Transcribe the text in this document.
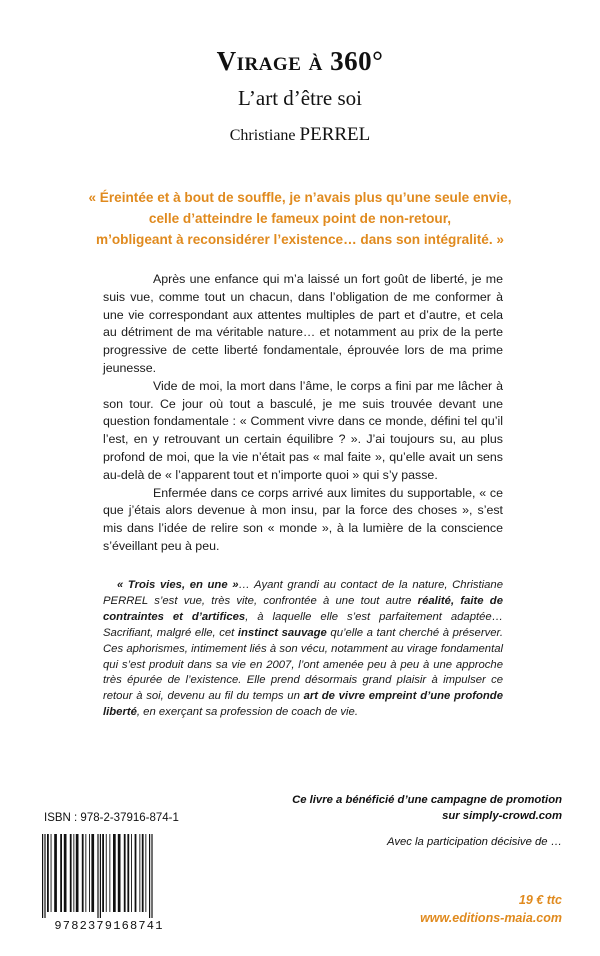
Virage à 360°
L’art d’être soi
Christiane PERREL
« Éreintée et à bout de souffle, je n’avais plus qu’une seule envie,
celle d’atteindre le fameux point de non-retour,
m’obligeant à reconsidérer l’existence… dans son intégralité. »

Après une enfance qui m’a laissé un fort goût de liberté, je me suis vue, comme tout un chacun, dans l’obligation de me conformer à une vie correspondant aux attentes multiples de part et d’autre, et cela au détriment de ma véritable nature… et notamment au prix de la perte progressive de cette liberté fondamentale, éprouvée lors de ma prime jeunesse.

Vide de moi, la mort dans l’âme, le corps a fini par me lâcher à son tour. Ce jour où tout a basculé, je me suis trouvée devant une question fondamentale : « Comment vivre dans ce monde, défini tel qu’il l’est, en y retrouvant un certain équilibre ? ». J’ai toujours su, au plus profond de moi, que la vie n’était pas « mal faite », qu’elle avait un sens au-delà de « l’apparent tout et n’importe quoi » qui s’y passe.

Enfermée dans ce corps arrivé aux limites du supportable, « ce que j’étais alors devenue à mon insu, par la force des choses », s’est mis dans l’idée de relire son « monde », à la lumière de la conscience s’éveillant peu à peu.

« Trois vies, en une »… Ayant grandi au contact de la nature, Christiane PERREL s’est vue, très vite, confrontée à une tout autre réalité, faite de contraintes et d’artifices, à laquelle elle s’est parfaitement adaptée… Sacrifiant, malgré elle, cet instinct sauvage qu’elle a tant cherché à préserver. Ces aphorismes, intimement liés à son vécu, notamment au virage fondamental qui s’est produit dans sa vie en 2007, l’ont amenée peu à peu à une approche très épurée de l’existence. Elle prend désormais grand plaisir à impulser ce retour à soi, devenu au fil du temps un art de vivre empreint d’une profonde liberté, en exerçant sa profession de coach de vie.
Ce livre a bénéficié d’une campagne de promotion
sur simply-crowd.com
Avec la participation décisive de …
ISBN : 978-2-37916-874-1
9782379168741
19 € ttc
www.editions-maia.com
